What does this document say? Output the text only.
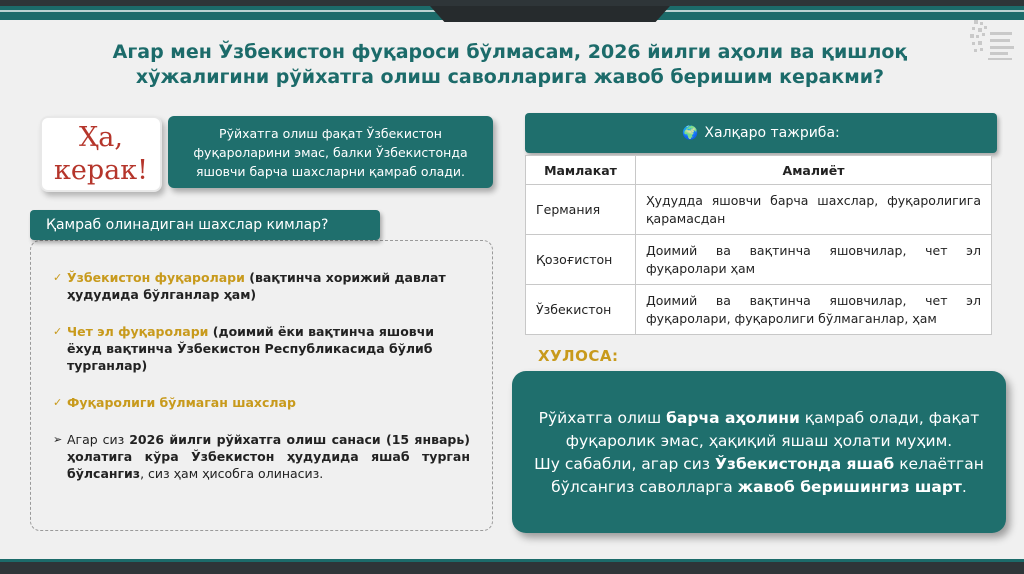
Агар мен Ўзбекистон фуқароси бўлмасам, 2026 йилги аҳоли ва қишлоқ хўжалигини рўйхатга олиш саволларига жавоб беришим керакми?
Ҳа,
керак!
Рўйхатга олиш фақат Ўзбекистон фуқароларини эмас, балки Ўзбекистонда яшовчи барча шахсларни қамраб олади.
✓ Ўзбекистон фуқаролари (вақтинча хорижий давлат ҳудудида бўлганлар ҳам)
✓ Чет эл фуқаролари (доимий ёки вақтинча яшовчи ёхуд вақтинча Ўзбекистон Республикасида бўлиб турганлар)
✓ Фуқаролиги бўлмаган шахслар
➢ Агар сиз 2026 йилги рўйхатга олиш санаси (15 январь) ҳолатига кўра Ўзбекистон ҳудудида яшаб турган бўлсангиз, сиз ҳам ҳисобга олинасиз.
Қамраб олинадиган шахслар кимлар?
🌍 Халқаро тажриба:
Мамлакат	Амалиёт
Германия	Ҳудудда яшовчи барча шахслар, фуқаролигига қарамасдан
Қозоғистон	Доимий ва вақтинча яшовчилар, чет эл фуқаролари ҳам
Ўзбекистон	Доимий ва вақтинча яшовчилар, чет эл фуқаролари, фуқаролиги бўлмаганлар, ҳам
ХУЛОСА:
Рўйхатга олиш барча аҳолини қамраб олади, фақат фуқаролик эмас, ҳақиқий яшаш ҳолати муҳим.
Шу сабабли, агар сиз Ўзбекистонда яшаб келаётган бўлсангиз саволларга жавоб беришингиз шарт.
